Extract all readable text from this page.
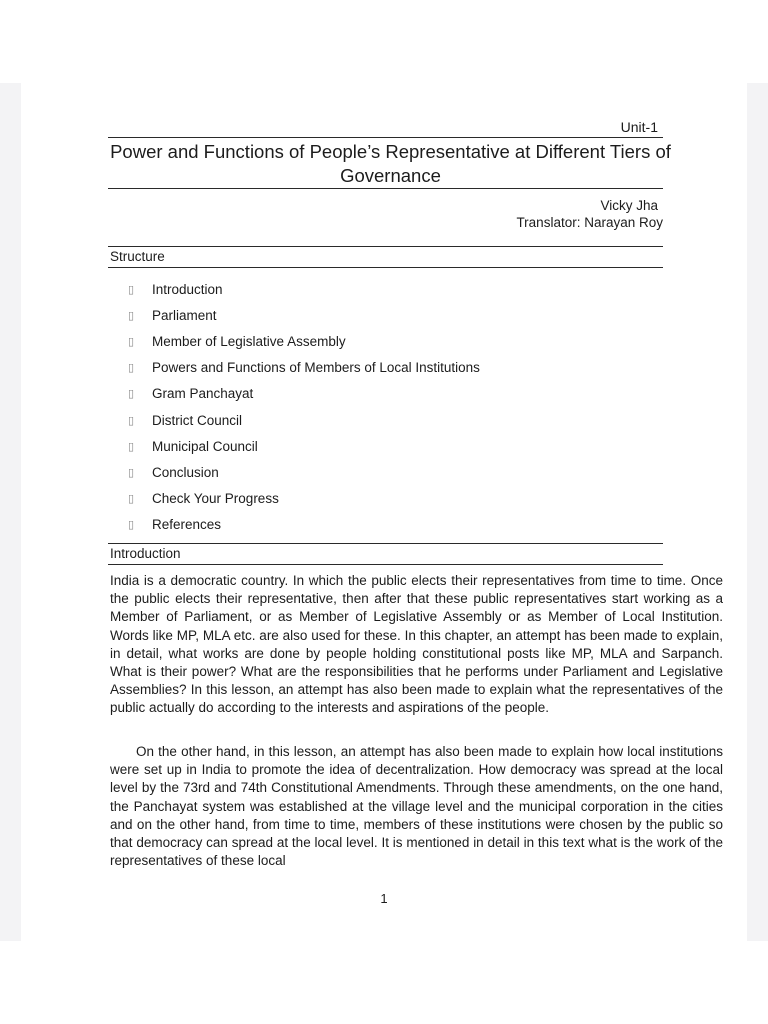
Unit-1
Power and Functions of People’s Representative at Different Tiers of Governance
Vicky Jha
Translator: Narayan Roy
Structure
▯	Introduction
▯	Parliament
▯	Member of Legislative Assembly
▯	Powers and Functions of Members of Local Institutions
▯	Gram Panchayat
▯	District Council
▯	Municipal Council
▯	Conclusion
▯	Check Your Progress
▯	References
Introduction

India is a democratic country. In which the public elects their representatives from time to time. Once the public elects their representative, then after that these public representatives start working as a Member of Parliament, or as Member of Legislative Assembly or as Member of Local Institution. Words like MP, MLA etc. are also used for these. In this chapter, an attempt has been made to explain, in detail, what works are done by people holding constitutional posts like MP, MLA and Sarpanch. What is their power? What are the responsibilities that he performs under Parliament and Legislative Assemblies? In this lesson, an attempt has also been made to explain what the representatives of the public actually do according to the interests and aspirations of the people.

On the other hand, in this lesson, an attempt has also been made to explain how local institutions were set up in India to promote the idea of decentralization. How democracy was spread at the local level by the 73rd and 74th Constitutional Amendments. Through these amendments, on the one hand, the Panchayat system was established at the village level and the municipal corporation in the cities and on the other hand, from time to time, members of these institutions were chosen by the public so that democracy can spread at the local level. It is mentioned in detail in this text what is the work of the representatives of these local

1
